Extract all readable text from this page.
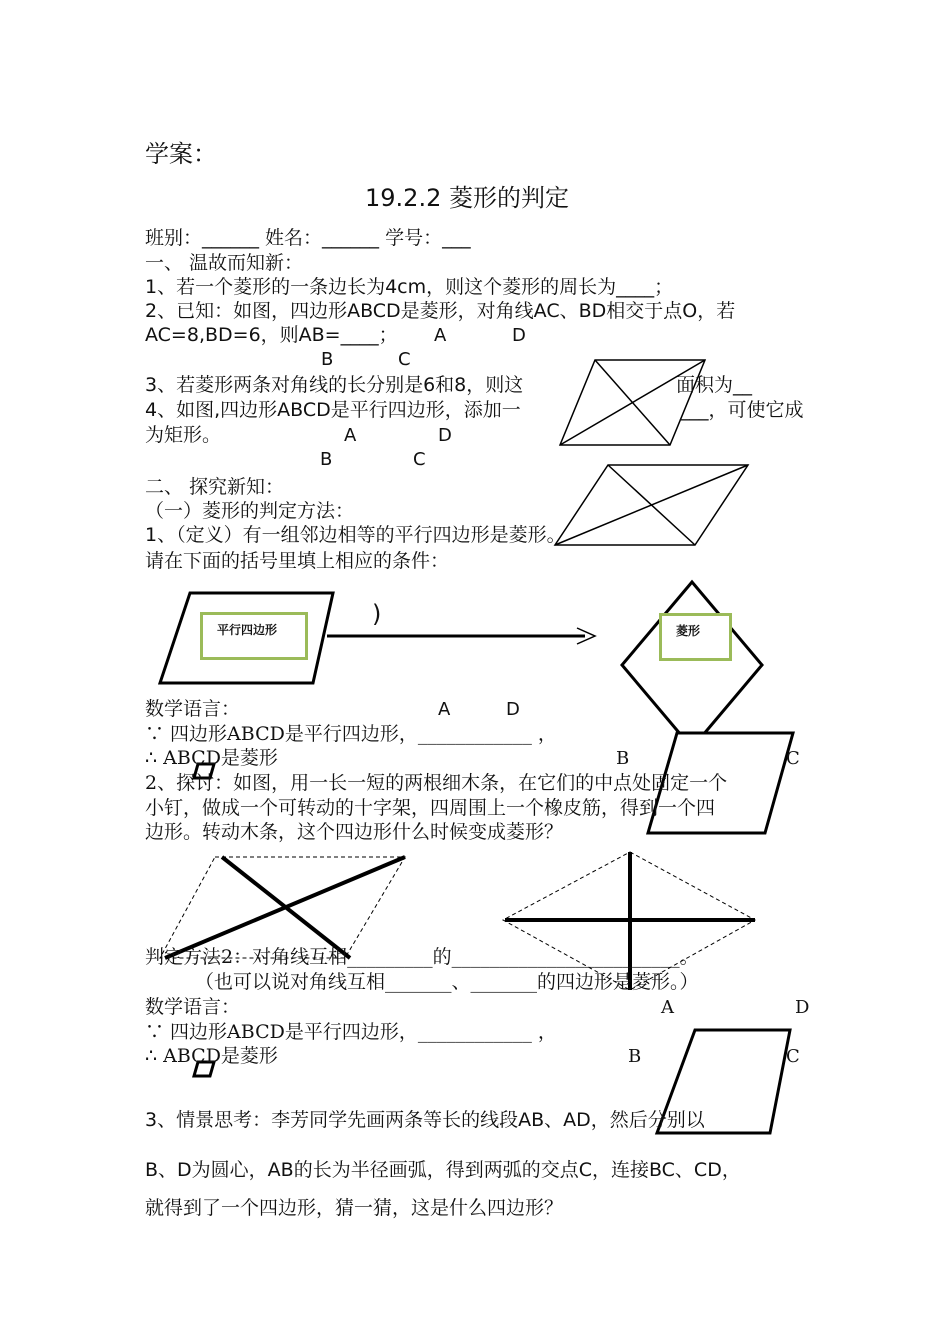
平行四边形	菱形
)
学案：
19.2.2 菱形的判定
班别：______ 姓名：______ 学号：___
一、 温故而知新：
1、若一个菱形的一条边长为4cm，则这个菱形的周长为____；
2、已知：如图，四边形ABCD是菱形，对角线AC、BD相交于点O，若
AC=8,BD=6，则AB=____； A	D
B	C
3、若菱形两条对角线的长分别是6和8，则这	面积为__
4、如图,四边形ABCD是平行四边形，添加一	___，可使它成
为矩形。	A	D
B	C
二、 探究新知：
（一）菱形的判定方法：
1、（定义）有一组邻边相等的平行四边形是菱形。
请在下面的括号里填上相应的条件：
数学语言：	A	D
∵ 四边形ABCD是平行四边形，____________ ，
∴ ABCD是菱形	B	C
2、探讨：如图，用一长一短的两根细木条，在它们的中点处固定一个
小钉，做成一个可转动的十字架，四周围上一个橡皮筋，得到一个四
边形。转动木条，这个四边形什么时候变成菱形？
判定方法2：对角线互相_________的________________________。
（也可以说对角线互相_______、_______的四边形是菱形。）
数学语言：	A	D
∵ 四边形ABCD是平行四边形，____________ ，
∴ ABCD是菱形	B	C
3、情景思考：李芳同学先画两条等长的线段AB、AD，然后分别以
B、D为圆心，AB的长为半径画弧，得到两弧的交点C，连接BC、CD，
就得到了一个四边形，猜一猜，这是什么四边形？
